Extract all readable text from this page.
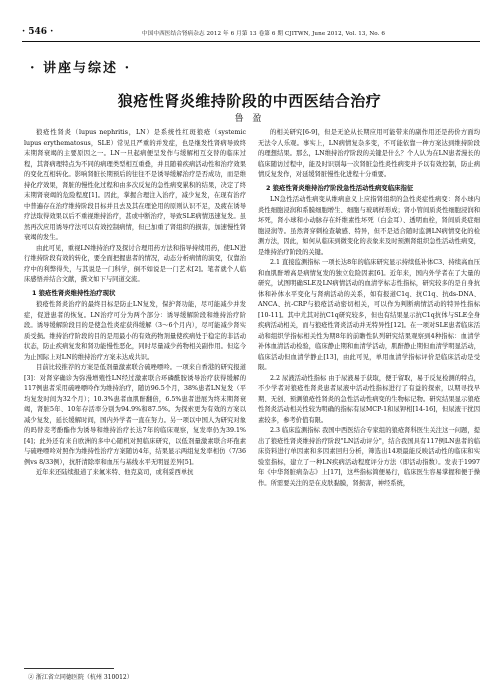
· 546 ·	中国中西医结合肾病杂志 2012 年 6 月第 13 卷第 6 期 CJITWN, June 2012, Vol. 13, No. 6
· 讲座与综述 ·
狼疮性肾炎维持阶段的中西医结合治疗
鲁 盈

狼疮性肾炎（lupus nephritis，LN）是系统性红斑狼疮（systemic lupus erythematosus，SLE）常见且严重的并发症，也是继发性肾病导致终末期肾衰竭的主要原因之一。LN一旦起病便呈发作与缓解相互交替的临床过程，其肾病理特点为不同的病理类型相互重叠，并且随着疾病活动性和治疗效果的变化互相转化。影响肾脏长期预后的往往不是诱导缓解治疗是否成功，而是维持化疗效果，肾脏的慢性化过程和由多次反复的急性病变累积的结果，决定了终末期肾衰竭的危险程度[1]。因此，掌握合理注入治疗，减少复发，在现有治疗中普遍存在治疗维持阶段目标并且去及其在理论用的原则认识不足，及疲在诱导疗法取得效果以后不重视维持治疗，甚或中断治疗，导致SLE病情迅速复发。虽然再次应用诱导疗法可以有效控制病情，但已加重了肾组织的损害，加速慢性肾衰竭的发生。

由此可见，重视LN维持治疗及探讨合理用药方法和指导持续用药，使LN进行维持阶段有效的转化，要全面把握患者的情况，动态分析病情的演变，仅靠治疗中的利弊得失，与其说是一门科学，倒不如说是一门艺术[2]。笔者就个人临床感悟并结合文献，撰文如下与同道交流。

1 狼疮性肾炎维持性治疗现状

狼疮性肾炎治疗的最终目标是防止LN复发，保护肾功能，尽可能减少并发症，促进患者的恢复。LN治疗可分为两个部分：诱导缓解阶段和维持治疗阶段。诱导缓解阶段目的是使急性炎症获得缓解（3～6个月内），尽可能减少肾实质受损。维持治疗阶段的目的是用最小的有效药物剂量使疾病处于稳定的非活动状态，防止疾病复发和肾功能慢性恶化，同时尽量减少药物相关副作用。但迄今为止国际上对LN的维持治疗方案未达成共识。

目前比较推荐的方案是低剂量激素联合硫唑嘌呤。一项来自香港的研究报道[3]：对肾穿确诊为弥漫增殖性LN经过激素联合环磷酰胺诱导治疗获得缓解的117例患者采用硫唑嘌呤作为维持治疗，随访96.5个月，38%患者LN复发（平均复发时间为32个月）；10.3%患者血肌酐翻倍，6.5%患者进展为终末期肾衰竭，肾脏5年、10年存活率分别为94.9%和87.5%。为探索更为有效的方案以减少复发，延长缓解时间，国内外学者一直在努力。另一项以中国人为研究对象的吗替麦考酚酯作为诱导和维持治疗长达7年的临床观察，复发率仍为39.1%[4]；此外还有来自欧洲的多中心随机对照临床研究，以低剂量激素联合环孢素与硫唑嘌呤对照作为维持性治疗方案随访4年，结果显示两组复发率相仿（7/36例vs 8/33例），抗肝清除率和血压与基线水平无明显差异[5]。

近年来还陆续报道了来氟米特、他克莫司，或利妥西单抗

的相关研究[6-9]，但是无论从长期应用可能带来的副作用还是药价方面均无法令人乐观。事实上，LN病情复杂多变，不可能依靠一种方案达到维持阶段的理想结果。那么，LN维持治疗阶段的关键是什么？个人认为在LN患者漫长的临床随访过程中，能及时识别每一次肾脏急性炎性病变并予以有效控制，防止病情反复发作，对延缓肾脏慢性化进程十分重要。

2 狼疮性肾炎维持治疗阶段急性活动性病变临床指征

LN急性活动性病变从维病意义上应指肾组织的急性炎症性病变：肾小球内炎性细胞浸润和系膜细胞增生、细胞与玻璃样形成；肾小管间质炎性细胞浸润和坏死，肾小球和小动脉存在纤维素性坏死（白金耳）、透明血栓，肾间质炎症细胞浸润等。虽然肾穿刺检查敏感、特异，但不是适合随时监测LN病情变化的检测方法，因此，如何从临床到微变化的表象来及时预测肾组织急性活动性病变，是维持治疗阶段的关键。

2.1 直接监测指标 一项长达8年的临床研究显示持续低补体C3、持续高血压和血肌酐增高是病情复发的独立危险因素[6]。近年来，国内外学者在了大量的研究，试图明确SLE及LN病情活动的血清学标志性指标，研究较多的是自身抗体和补体水平变化与肾病活动的关系，如有报道C1q、抗C1q、抗ds-DNA、ANCA、抗-CRP与狼疮活动密切相关，可以作为判断病情活动的特异性指标[10-11]。其中尤其对抗C1q研究较多，但也有结果显示抗C1q抗体与SLE全身疾病活动相关，而与狼疮性肾炎活动并无特异性[12]。在一项对SLE患者临床活动和组织学指标相关性为期8年的前瞻性队列研究结果观察到4种指标：血清学补体血清活动检验，临床静止期和血清学活动，肌酐静止期但血清学明显活动，临床活动但血清学静止[13]，由此可见，单用血清学指标评价是临床活动是受限。

2.2 尿液活动性指标 由于尿液易于获取，便于留取，易于反复检测的特点，不少学者对狼疮性肾炎患者尿液中活动性指标进行了有益的探索，以期寻找早期、无创、预测狼疮性肾炎的急性活动性病变的生物标记物。研究结果显示狼疮性肾炎活动相关性较为明确的指标有尿MCP-1和尿钾相[14-16]，但尿液干扰因素较多，参考价值有限。

2.3 临床监测指标 我国中西医结合专家组的狼疮肾科医生关注这一问题，提出了狼疮性肾炎维持治疗阶段"LN活动评分"，结合我国具有117例LN患者的临床资料进行单因素和多因素回归分析，筛选出14项最能反映活动性的临床和实验室指标，建立了一种LN疾病活动程度评分方法（即活动指数）。发表于1997年《中华肾脏病杂志》上[17]，这些指标简便易行，临床医生容易掌握和便于操作。所需要关注的是在皮肤黏膜，肾损害，神经系统，

② 浙江省立同德医院（杭州 310012）
